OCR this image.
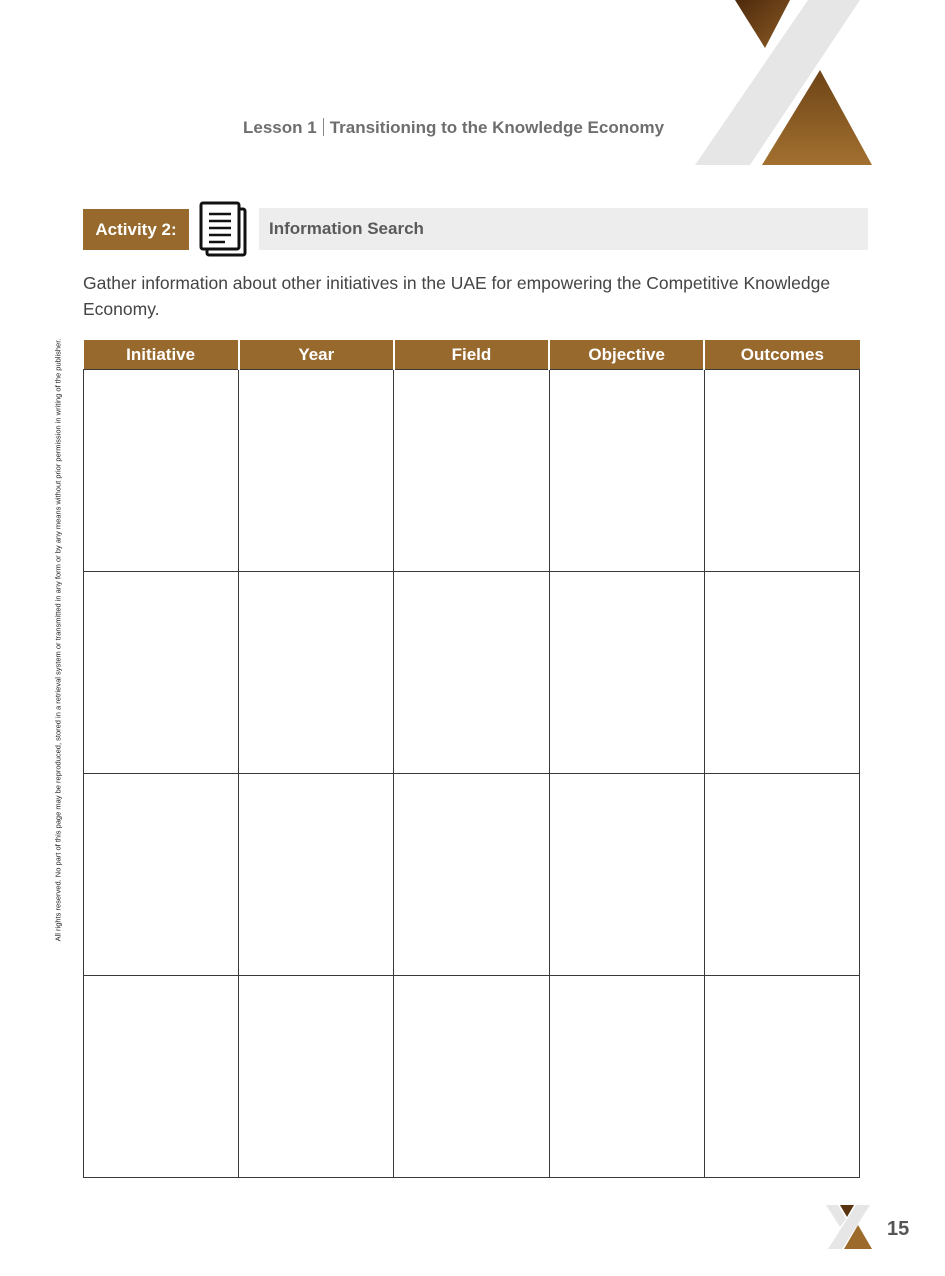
Lesson 1 Transitioning to the Knowledge Economy
Activity 2:	Information Search
Gather information about other initiatives in the UAE for empowering the Competitive Knowledge Economy.
All rights reserved. No part of this page may be reproduced, stored in a retrieval system or transmitted in any form or by any means without prior permission in writing of the publisher.	Initiative	Year	Field	Objective	Outcomes

15
